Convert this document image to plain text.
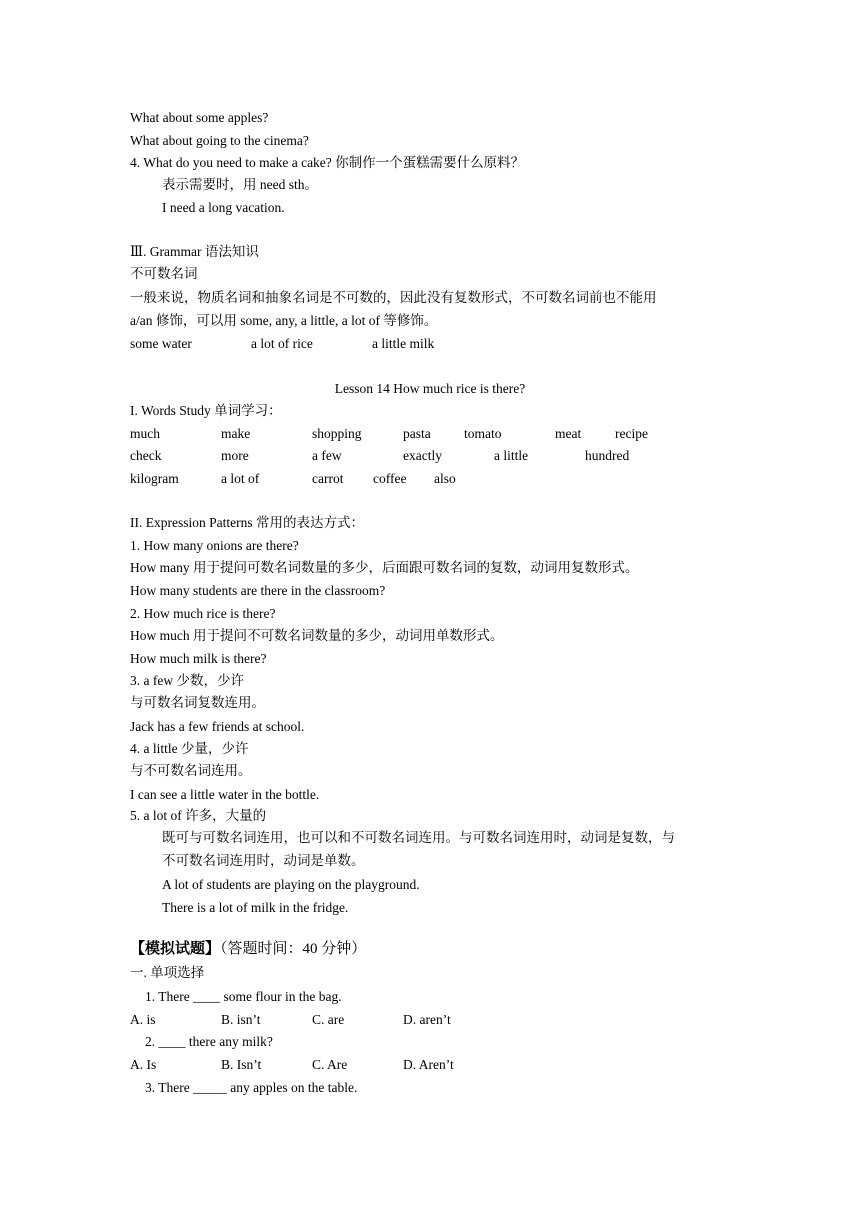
What about some apples?
What about going to the cinema?
4. What do you need to make a cake? 你制作一个蛋糕需要什么原料？
表示需要时，用 need sth。
I need a long vacation.
Ⅲ. Grammar 语法知识
不可数名词
一般来说，物质名词和抽象名词是不可数的，因此没有复数形式，不可数名词前也不能用
a/an 修饰，可以用 some, any, a little, a lot of 等修饰。
some water	a lot of rice	a little milk
Lesson 14 How much rice is there?
I. Words Study 单词学习：
much	make	shopping	pasta tomato	meat	recipe
check	more	a few	exactly	a little	hundred
kilogram	a lot of	carrot coffee also
II. Expression Patterns 常用的表达方式：
1. How many onions are there?
How many 用于提问可数名词数量的多少，后面跟可数名词的复数，动词用复数形式。
How many students are there in the classroom?
2. How much rice is there?
How much 用于提问不可数名词数量的多少，动词用单数形式。
How much milk is there?
3. a few 少数，少许
与可数名词复数连用。
Jack has a few friends at school.
4. a little 少量，少许
与不可数名词连用。
I can see a little water in the bottle.
5. a lot of 许多，大量的
既可与可数名词连用，也可以和不可数名词连用。与可数名词连用时，动词是复数，与
不可数名词连用时，动词是单数。
A lot of students are playing on the playground.
There is a lot of milk in the fridge.
【模拟试题】（答题时间：40 分钟）
一. 单项选择
1. There ____ some flour in the bag.
A. is	B. isn’t	C. are	D. aren’t
2. ____ there any milk?
A. Is	B. Isn’t	C. Are	D. Aren’t
3. There _____ any apples on the table.
